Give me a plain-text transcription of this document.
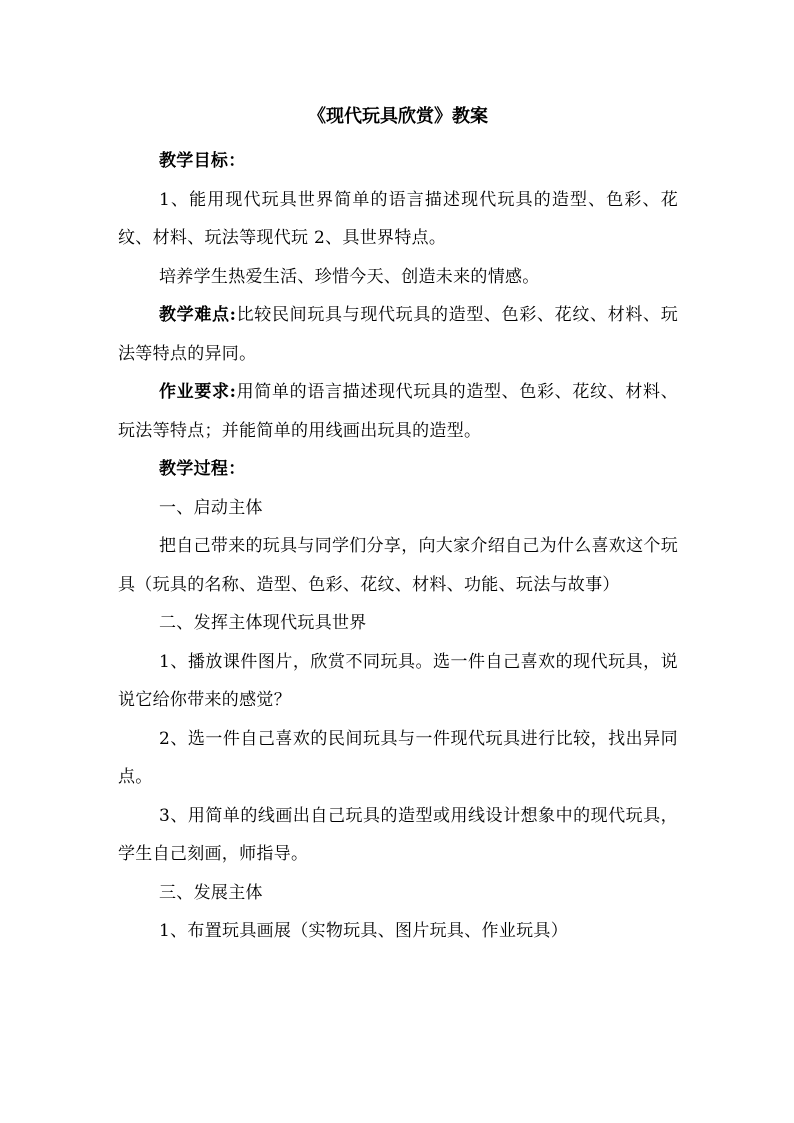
《现代玩具欣赏》教案

教学目标：

1、能用现代玩具世界简单的语言描述现代玩具的造型、色彩、花纹、材料、玩法等现代玩 2、具世界特点。

培养学生热爱生活、珍惜今天、创造未来的情感。

教学难点:比较民间玩具与现代玩具的造型、色彩、花纹、材料、玩法等特点的异同。

作业要求:用简单的语言描述现代玩具的造型、色彩、花纹、材料、玩法等特点；并能简单的用线画出玩具的造型。

教学过程：

一、启动主体

把自己带来的玩具与同学们分享，向大家介绍自己为什么喜欢这个玩具（玩具的名称、造型、色彩、花纹、材料、功能、玩法与故事）

二、发挥主体现代玩具世界

1、播放课件图片，欣赏不同玩具。选一件自己喜欢的现代玩具，说说它给你带来的感觉？

2、选一件自己喜欢的民间玩具与一件现代玩具进行比较，找出异同点。

3、用简单的线画出自己玩具的造型或用线设计想象中的现代玩具，学生自己刻画，师指导。

三、发展主体

1、布置玩具画展（实物玩具、图片玩具、作业玩具）
